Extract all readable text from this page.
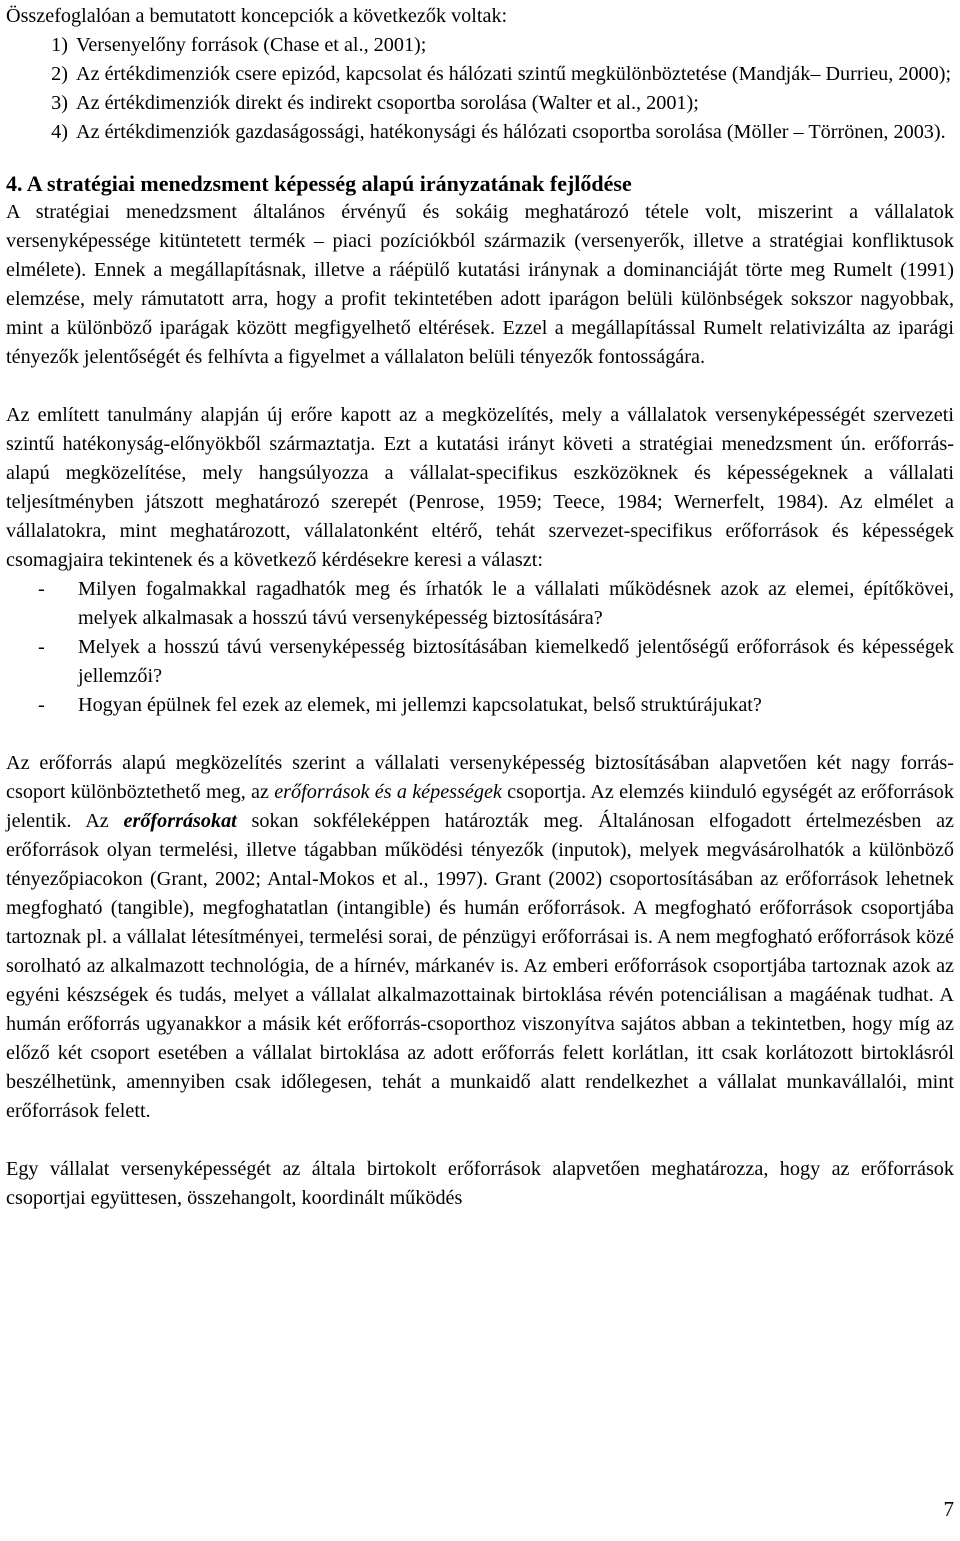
Összefoglalóan a bemutatott koncepciók a következők voltak:

1) Versenyelőny források (Chase et al., 2001);
2) Az értékdimenziók csere epizód, kapcsolat és hálózati szintű megkülönböztetése (Mandják– Durrieu, 2000);
3) Az értékdimenziók direkt és indirekt csoportba sorolása (Walter et al., 2001);
4) Az értékdimenziók gazdaságossági, hatékonysági és hálózati csoportba sorolása (Möller – Törrönen, 2003).
4. A stratégiai menedzsment képesség alapú irányzatának fejlődése

A stratégiai menedzsment általános érvényű és sokáig meghatározó tétele volt, miszerint a vállalatok versenyképessége kitüntetett termék – piaci pozíciókból származik (versenyerők, illetve a stratégiai konfliktusok elmélete). Ennek a megállapításnak, illetve a ráépülő kutatási iránynak a dominanciáját törte meg Rumelt (1991) elemzése, mely rámutatott arra, hogy a profit tekintetében adott iparágon belüli különbségek sokszor nagyobbak, mint a különböző iparágak között megfigyelhető eltérések. Ezzel a megállapítással Rumelt relativizálta az iparági tényezők jelentőségét és felhívta a figyelmet a vállalaton belüli tényezők fontosságára.

Az említett tanulmány alapján új erőre kapott az a megközelítés, mely a vállalatok versenyképességét szervezeti szintű hatékonyság-előnyökből származtatja. Ezt a kutatási irányt követi a stratégiai menedzsment ún. erőforrás-alapú megközelítése, mely hangsúlyozza a vállalat-specifikus eszközöknek és képességeknek a vállalati teljesítményben játszott meghatározó szerepét (Penrose, 1959; Teece, 1984; Wernerfelt, 1984). Az elmélet a vállalatokra, mint meghatározott, vállalatonként eltérő, tehát szervezet-specifikus erőforrások és képességek csomagjaira tekintenek és a következő kérdésekre keresi a választ:

-	Milyen fogalmakkal ragadhatók meg és írhatók le a vállalati működésnek azok az elemei, építőkövei, melyek alkalmasak a hosszú távú versenyképesség biztosítására?
-	Melyek a hosszú távú versenyképesség biztosításában kiemelkedő jelentőségű erőforrások és képességek jellemzői?
-	Hogyan épülnek fel ezek az elemek, mi jellemzi kapcsolatukat, belső struktúrájukat?

Az erőforrás alapú megközelítés szerint a vállalati versenyképesség biztosításában alapvetően két nagy forrás-csoport különböztethető meg, az erőforrások és a képességek csoportja. Az elemzés kiinduló egységét az erőforrások jelentik. Az erőforrásokat sokan sokféleképpen határozták meg. Általánosan elfogadott értelmezésben az erőforrások olyan termelési, illetve tágabban működési tényezők (inputok), melyek megvásárolhatók a különböző tényezőpiacokon (Grant, 2002; Antal-Mokos et al., 1997). Grant (2002) csoportosításában az erőforrások lehetnek megfogható (tangible), megfoghatatlan (intangible) és humán erőforrások. A megfogható erőforrások csoportjába tartoznak pl. a vállalat létesítményei, termelési sorai, de pénzügyi erőforrásai is. A nem megfogható erőforrások közé sorolható az alkalmazott technológia, de a hírnév, márkanév is. Az emberi erőforrások csoportjába tartoznak azok az egyéni készségek és tudás, melyet a vállalat alkalmazottainak birtoklása révén potenciálisan a magáénak tudhat. A humán erőforrás ugyanakkor a másik két erőforrás-csoporthoz viszonyítva sajátos abban a tekintetben, hogy míg az előző két csoport esetében a vállalat birtoklása az adott erőforrás felett korlátlan, itt csak korlátozott birtoklásról beszélhetünk, amennyiben csak időlegesen, tehát a munkaidő alatt rendelkezhet a vállalat munkavállalói, mint erőforrások felett.

Egy vállalat versenyképességét az általa birtokolt erőforrások alapvetően meghatározza, hogy az erőforrások csoportjai együttesen, összehangolt, koordinált működés

7
